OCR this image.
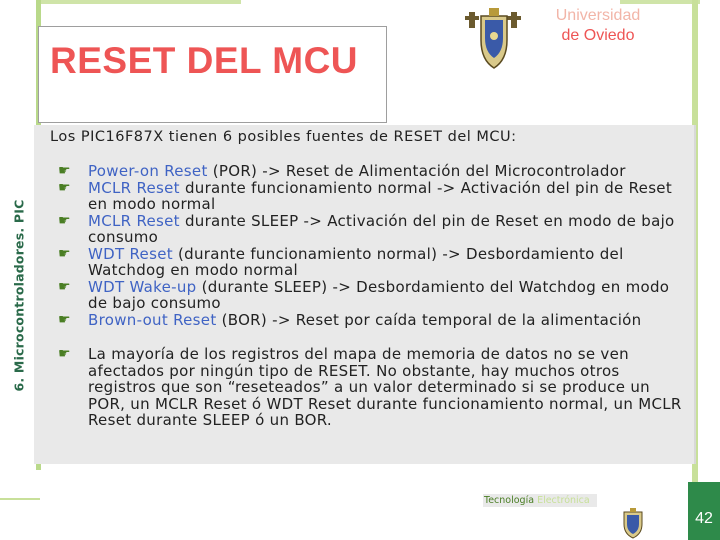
6. Microcontroladores. PIC
RESET DEL MCU
Universidad
de Oviedo
Los PIC16F87X tienen 6 posibles fuentes de RESET del MCU:

☛ Power-on Reset (POR) -> Reset de Alimentación del Microcontrolador

☛ MCLR Reset durante funcionamiento normal -> Activación del pin de Reset en modo normal

☛ MCLR Reset durante SLEEP -> Activación del pin de Reset en modo de bajo consumo

☛ WDT Reset (durante funcionamiento normal) -> Desbordamiento del Watchdog en modo normal

☛ WDT Wake-up (durante SLEEP) -> Desbordamiento del Watchdog en modo de bajo consumo

☛ Brown-out Reset (BOR) -> Reset por caída temporal de la alimentación

☛ La mayoría de los registros del mapa de memoria de datos no se ven afectados por ningún tipo de RESET. No obstante, hay muchos otros registros que son “reseteados” a un valor determinado si se produce un POR, un MCLR Reset ó WDT Reset durante funcionamiento normal, un MCLR Reset durante SLEEP ó un BOR.

Tecnología Electrónica
42
